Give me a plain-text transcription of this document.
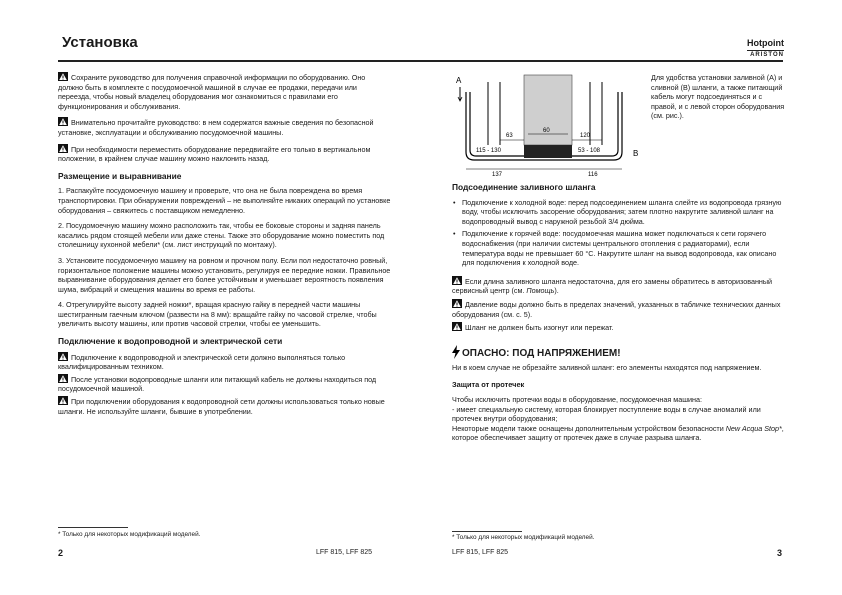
Установка	Hotpoint
ARISTON

Сохраните руководство для получения справочной информации по оборудованию. Оно должно быть в комплекте с посудомоечной машиной в случае ее продажи, передачи или переезда, чтобы новый владелец оборудования мог ознакомиться с правилами его функционирования и обслуживания.

Внимательно прочитайте руководство: в нем содержатся важные сведения по безопасной установке, эксплуатации и обслуживанию посудомоечной машины.

При необходимости переместить оборудование передвигайте его только в вертикальном положении, в крайнем случае машину можно наклонить назад.

Размещение и выравнивание

1. Распакуйте посудомоечную машину и проверьте, что она не была повреждена во время транспортировки. При обнаружении повреждений – не выполняйте никаких операций по установке оборудования – свяжитесь с поставщиком немедленно.

2. Посудомоечную машину можно расположить так, чтобы ее боковые стороны и задняя панель касались рядом стоящей мебели или даже стены. Также это оборудование можно поместить под столешницу кухонной мебели* (см. лист инструкций по монтажу).

3. Установите посудомоечную машину на ровном и прочном полу. Если пол недостаточно ровный, горизонтальное положение машины можно установить, регулируя ее передние ножки. Правильное выравнивание оборудования делает его более устойчивым и уменьшает вероятность появления шума, вибраций и смещения машины во время ее работы.

4. Отрегулируйте высоту задней ножки*, вращая красную гайку в передней части машины шестигранным гаечным ключом (развести на 8 мм): вращайте гайку по часовой стрелке, чтобы увеличить высоту машины, или против часовой стрелки, чтобы ее уменьшить.

Подключение к водопроводной и электрической сети

Подключение к водопроводной и электрической сети должно выполняться только квалифицированным техником.

После установки водопроводные шланги или питающий кабель не должны находиться под посудомоечной машиной.

При подключении оборудования к водопроводной сети должны использоваться только новые шланги. Не используйте шланги, бывшие в употреблении.

* Только для некоторых модификаций моделей.
2	LFF 815, LFF 825
A
B
60
63	120
115 - 130	53 - 108
137	116
Для удобства установки заливной (A) и сливной (B) шланги, а также питающий кабель могут подсоединяться и с правой, и с левой сторон оборудования (см. рис.).
Подсоединение заливного шланга
• Подключение к холодной воде: перед подсоединением шланга слейте из водопровода грязную воду, чтобы исключить засорение оборудования; затем плотно накрутите заливной шланг на водопроводный вывод с наружной резьбой 3/4 дюйма.
• Подключение к горячей воде: посудомоечная машина может подключаться к сети горячего водоснабжения (при наличии системы центрального отопления с радиаторами), если температура воды не превышает 60 °С. Накрутите шланг на вывод водопровода, как описано для подключения к холодной воде.

Если длина заливного шланга недостаточна, для его замены обратитесь в авторизованный сервисный центр (см. Помощь).

Давление воды должно быть в пределах значений, указанных в табличке технических данных оборудования (см. с. 5).

Шланг не должен быть изогнут или пережат.

ОПАСНО: ПОД НАПРЯЖЕНИЕМ!

Ни в коем случае не обрезайте заливной шланг: его элементы находятся под напряжением.

Защита от протечек

Чтобы исключить протечки воды в оборудование, посудомоечная машина:

- имеет специальную систему, которая блокирует поступление воды в случае аномалий или протечек внутри оборудования;

Некоторые модели также оснащены дополнительным устройством безопасности New Acqua Stop*, которое обеспечивает защиту от протечек даже в случае разрыва шланга.

* Только для некоторых модификаций моделей.
LFF 815, LFF 825	3
